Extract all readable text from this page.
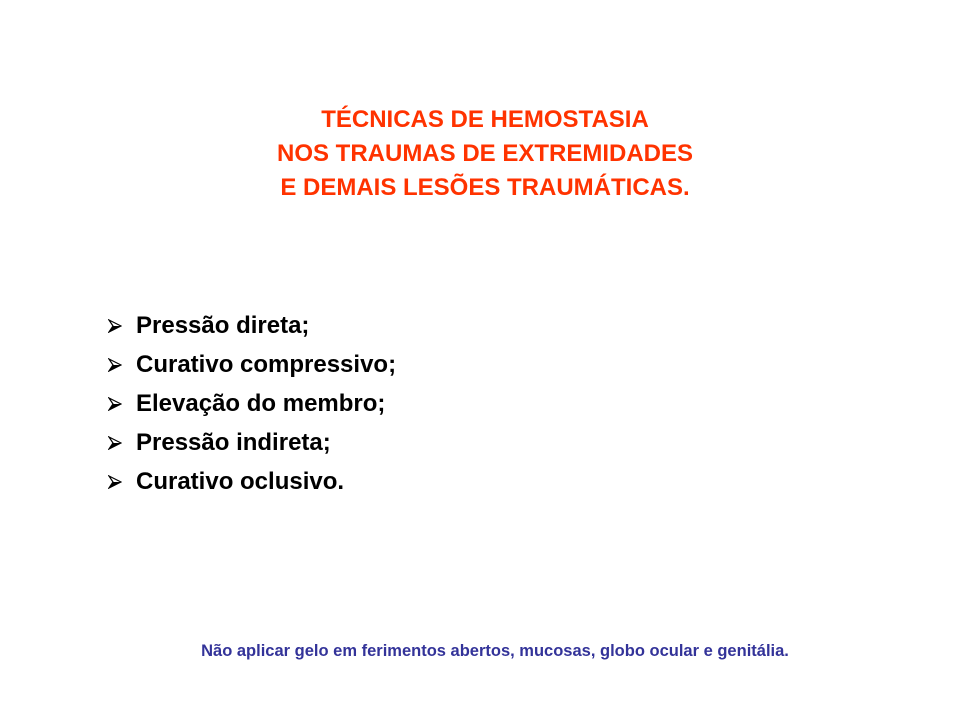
TÉCNICAS DE HEMOSTASIA
NOS TRAUMAS DE EXTREMIDADES
E DEMAIS LESÕES TRAUMÁTICAS.
Pressão direta;
Curativo compressivo;
Elevação do membro;
Pressão indireta;
Curativo oclusivo.
Não aplicar gelo em ferimentos abertos, mucosas, globo ocular e genitália.
